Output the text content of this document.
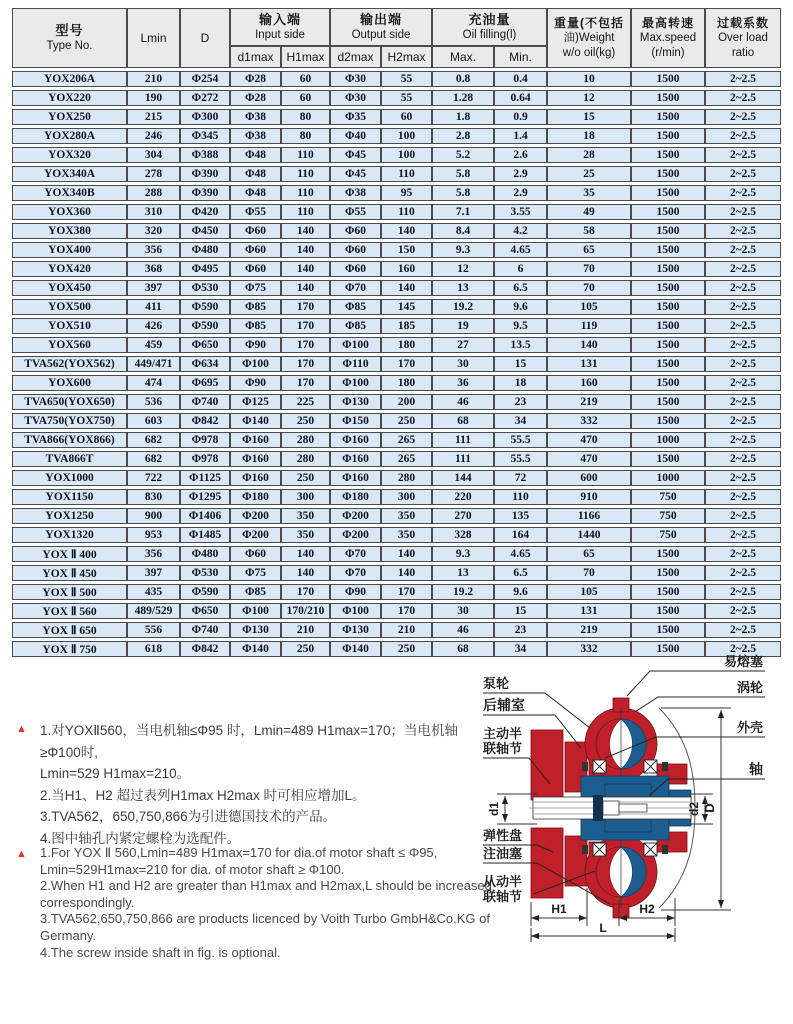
型号
Type No.
Lmin	D
输入端
Input side
d1max	H1max
输出端
Output side
d2max	H2max
充油量
Oil filling(l)
Max.	Min.
重量(不包括
油)Weight
w/o oil(kg)
最高转速
Max.speed
(r/min)
过载系数
Over load
ratio
YOX206A	210	Φ254	Φ28	60	Φ30	55	0.8	0.4	10	1500	2~2.5
YOX220	190	Φ272	Φ28	60	Φ30	55	1.28	0.64	12	1500	2~2.5
YOX250	215	Φ300	Φ38	80	Φ35	60	1.8	0.9	15	1500	2~2.5
YOX280A	246	Φ345	Φ38	80	Φ40	100	2.8	1.4	18	1500	2~2.5
YOX320	304	Φ388	Φ48	110	Φ45	100	5.2	2.6	28	1500	2~2.5
YOX340A	278	Φ390	Φ48	110	Φ45	110	5.8	2.9	25	1500	2~2.5
YOX340B	288	Φ390	Φ48	110	Φ38	95	5.8	2.9	35	1500	2~2.5
YOX360	310	Φ420	Φ55	110	Φ55	110	7.1	3.55	49	1500	2~2.5
YOX380	320	Φ450	Φ60	140	Φ60	140	8.4	4.2	58	1500	2~2.5
YOX400	356	Φ480	Φ60	140	Φ60	150	9.3	4.65	65	1500	2~2.5
YOX420	368	Φ495	Φ60	140	Φ60	160	12	6	70	1500	2~2.5
YOX450	397	Φ530	Φ75	140	Φ70	140	13	6.5	70	1500	2~2.5
YOX500	411	Φ590	Φ85	170	Φ85	145	19.2	9.6	105	1500	2~2.5
YOX510	426	Φ590	Φ85	170	Φ85	185	19	9.5	119	1500	2~2.5
YOX560	459	Φ650	Φ90	170	Φ100	180	27	13.5	140	1500	2~2.5
TVA562(YOX562)	449/471	Φ634	Φ100	170	Φ110	170	30	15	131	1500	2~2.5
YOX600	474	Φ695	Φ90	170	Φ100	180	36	18	160	1500	2~2.5
TVA650(YOX650)	536	Φ740	Φ125	225	Φ130	200	46	23	219	1500	2~2.5
TVA750(YOX750)	603	Φ842	Φ140	250	Φ150	250	68	34	332	1500	2~2.5
TVA866(YOX866)	682	Φ978	Φ160	280	Φ160	265	111	55.5	470	1000	2~2.5
TVA866T	682	Φ978	Φ160	280	Φ160	265	111	55.5	470	1500	2~2.5
YOX1000	722	Φ1125	Φ160	250	Φ160	280	144	72	600	1000	2~2.5
YOX1150	830	Φ1295	Φ180	300	Φ180	300	220	110	910	750	2~2.5
YOX1250	900	Φ1406	Φ200	350	Φ200	350	270	135	1166	750	2~2.5
YOX1320	953	Φ1485	Φ200	350	Φ200	350	328	164	1440	750	2~2.5
YOX Ⅱ 400	356	Φ480	Φ60	140	Φ70	140	9.3	4.65	65	1500	2~2.5
YOX Ⅱ 450	397	Φ530	Φ75	140	Φ70	140	13	6.5	70	1500	2~2.5
YOX Ⅱ 500	435	Φ590	Φ85	170	Φ90	170	19.2	9.6	105	1500	2~2.5
YOX Ⅱ 560	489/529	Φ650	Φ100	170/210	Φ100	170	30	15	131	1500	2~2.5
YOX Ⅱ 650	556	Φ740	Φ130	210	Φ130	210	46	23	219	1500	2~2.5
YOX Ⅱ 750	618	Φ842	Φ140	250	Φ140	250	68	34	332	1500	2~2.5
▲ 1.对YOXⅡ560，当电机轴≤Φ95 时，Lmin=489 H1max=170；当电机轴≥Φ100时,
Lmin=529 H1max=210。
2.当H1、H2 超过表列H1max H2max 时可相应增加L。
3.TVA562，650,750,866为引进德国技术的产品。
4.图中轴孔内紧定螺栓为选配件。
▲ 1.For YOX Ⅱ 560,Lmin=489 H1max=170 for dia.of motor shaft ≤ Φ95,
Lmin=529H1max=210 for dia. of motor shaft ≥ Φ100.
2.When H1 and H2 are greater than H1max and H2max,L should be increased
correspondingly.
3.TVA562,650,750,866 are products licenced by Voith Turbo GmbH&Co.KG of
Germany.
4.The screw inside shaft in fig. is optional.
易熔塞
涡轮
外壳
轴
泵轮
后辅室
主动半
联轴节
弹性盘
注油塞
从动半
联轴节
d1	d2 D
H1	H2
L
